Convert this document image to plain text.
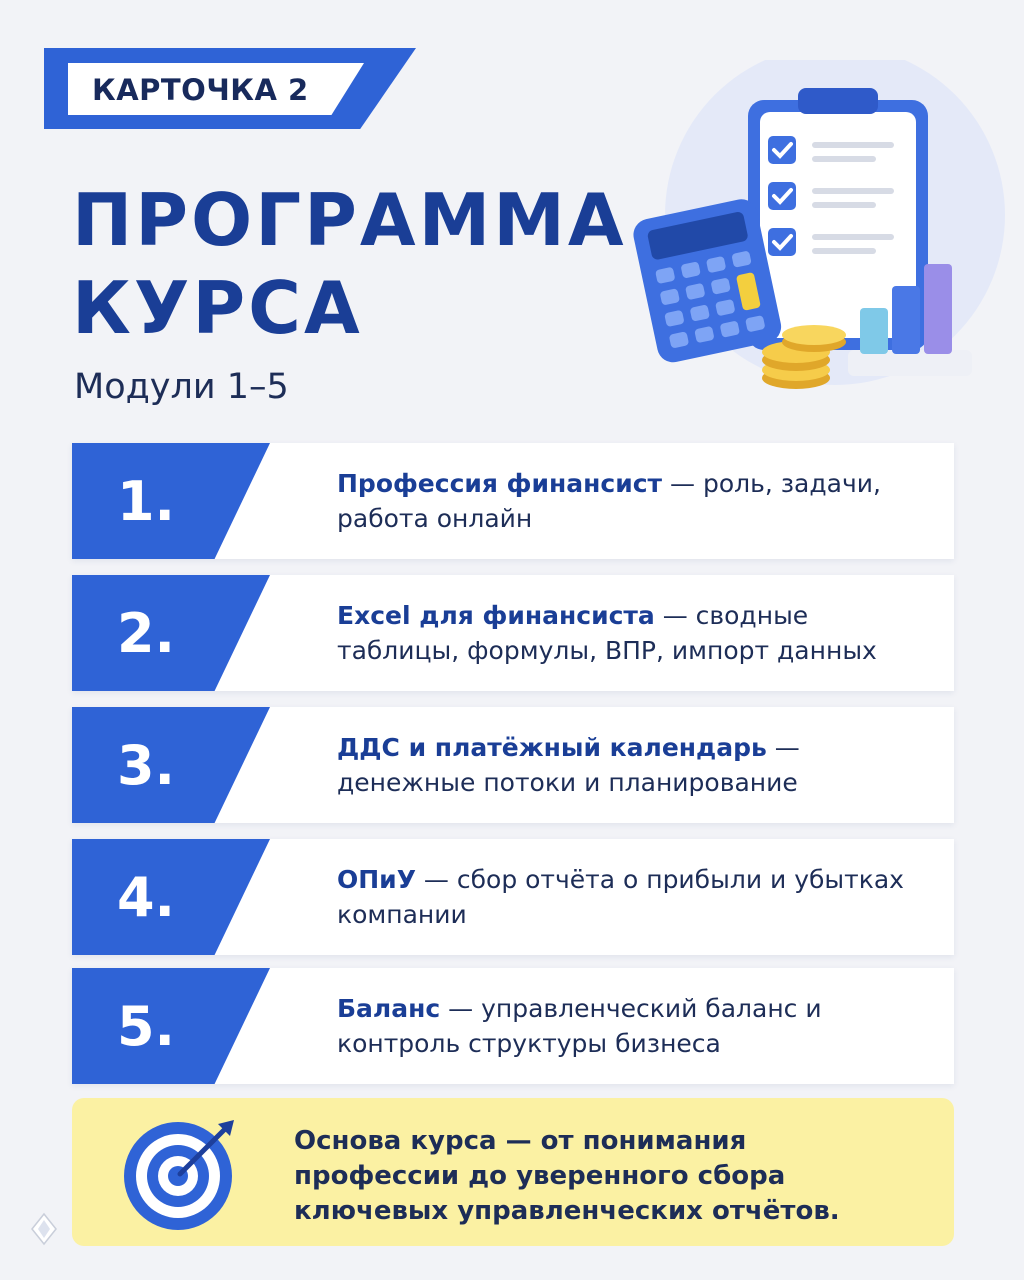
КАРТОЧКА 2
ПРОГРАММА
КУРСА

Модули 1–5

1.	Профессия финансист — роль, задачи, работа онлайн
2.	Excel для финансиста — сводные таблицы, формулы, ВПР, импорт данных
3.	ДДС и платёжный календарь — денежные потоки и планирование
4.	ОПиУ — сбор отчёта о прибыли и убытках компании
5.	Баланс — управленческий баланс и контроль структуры бизнеса
Основа курса — от понимания профессии до уверенного сбора ключевых управленческих отчётов.
